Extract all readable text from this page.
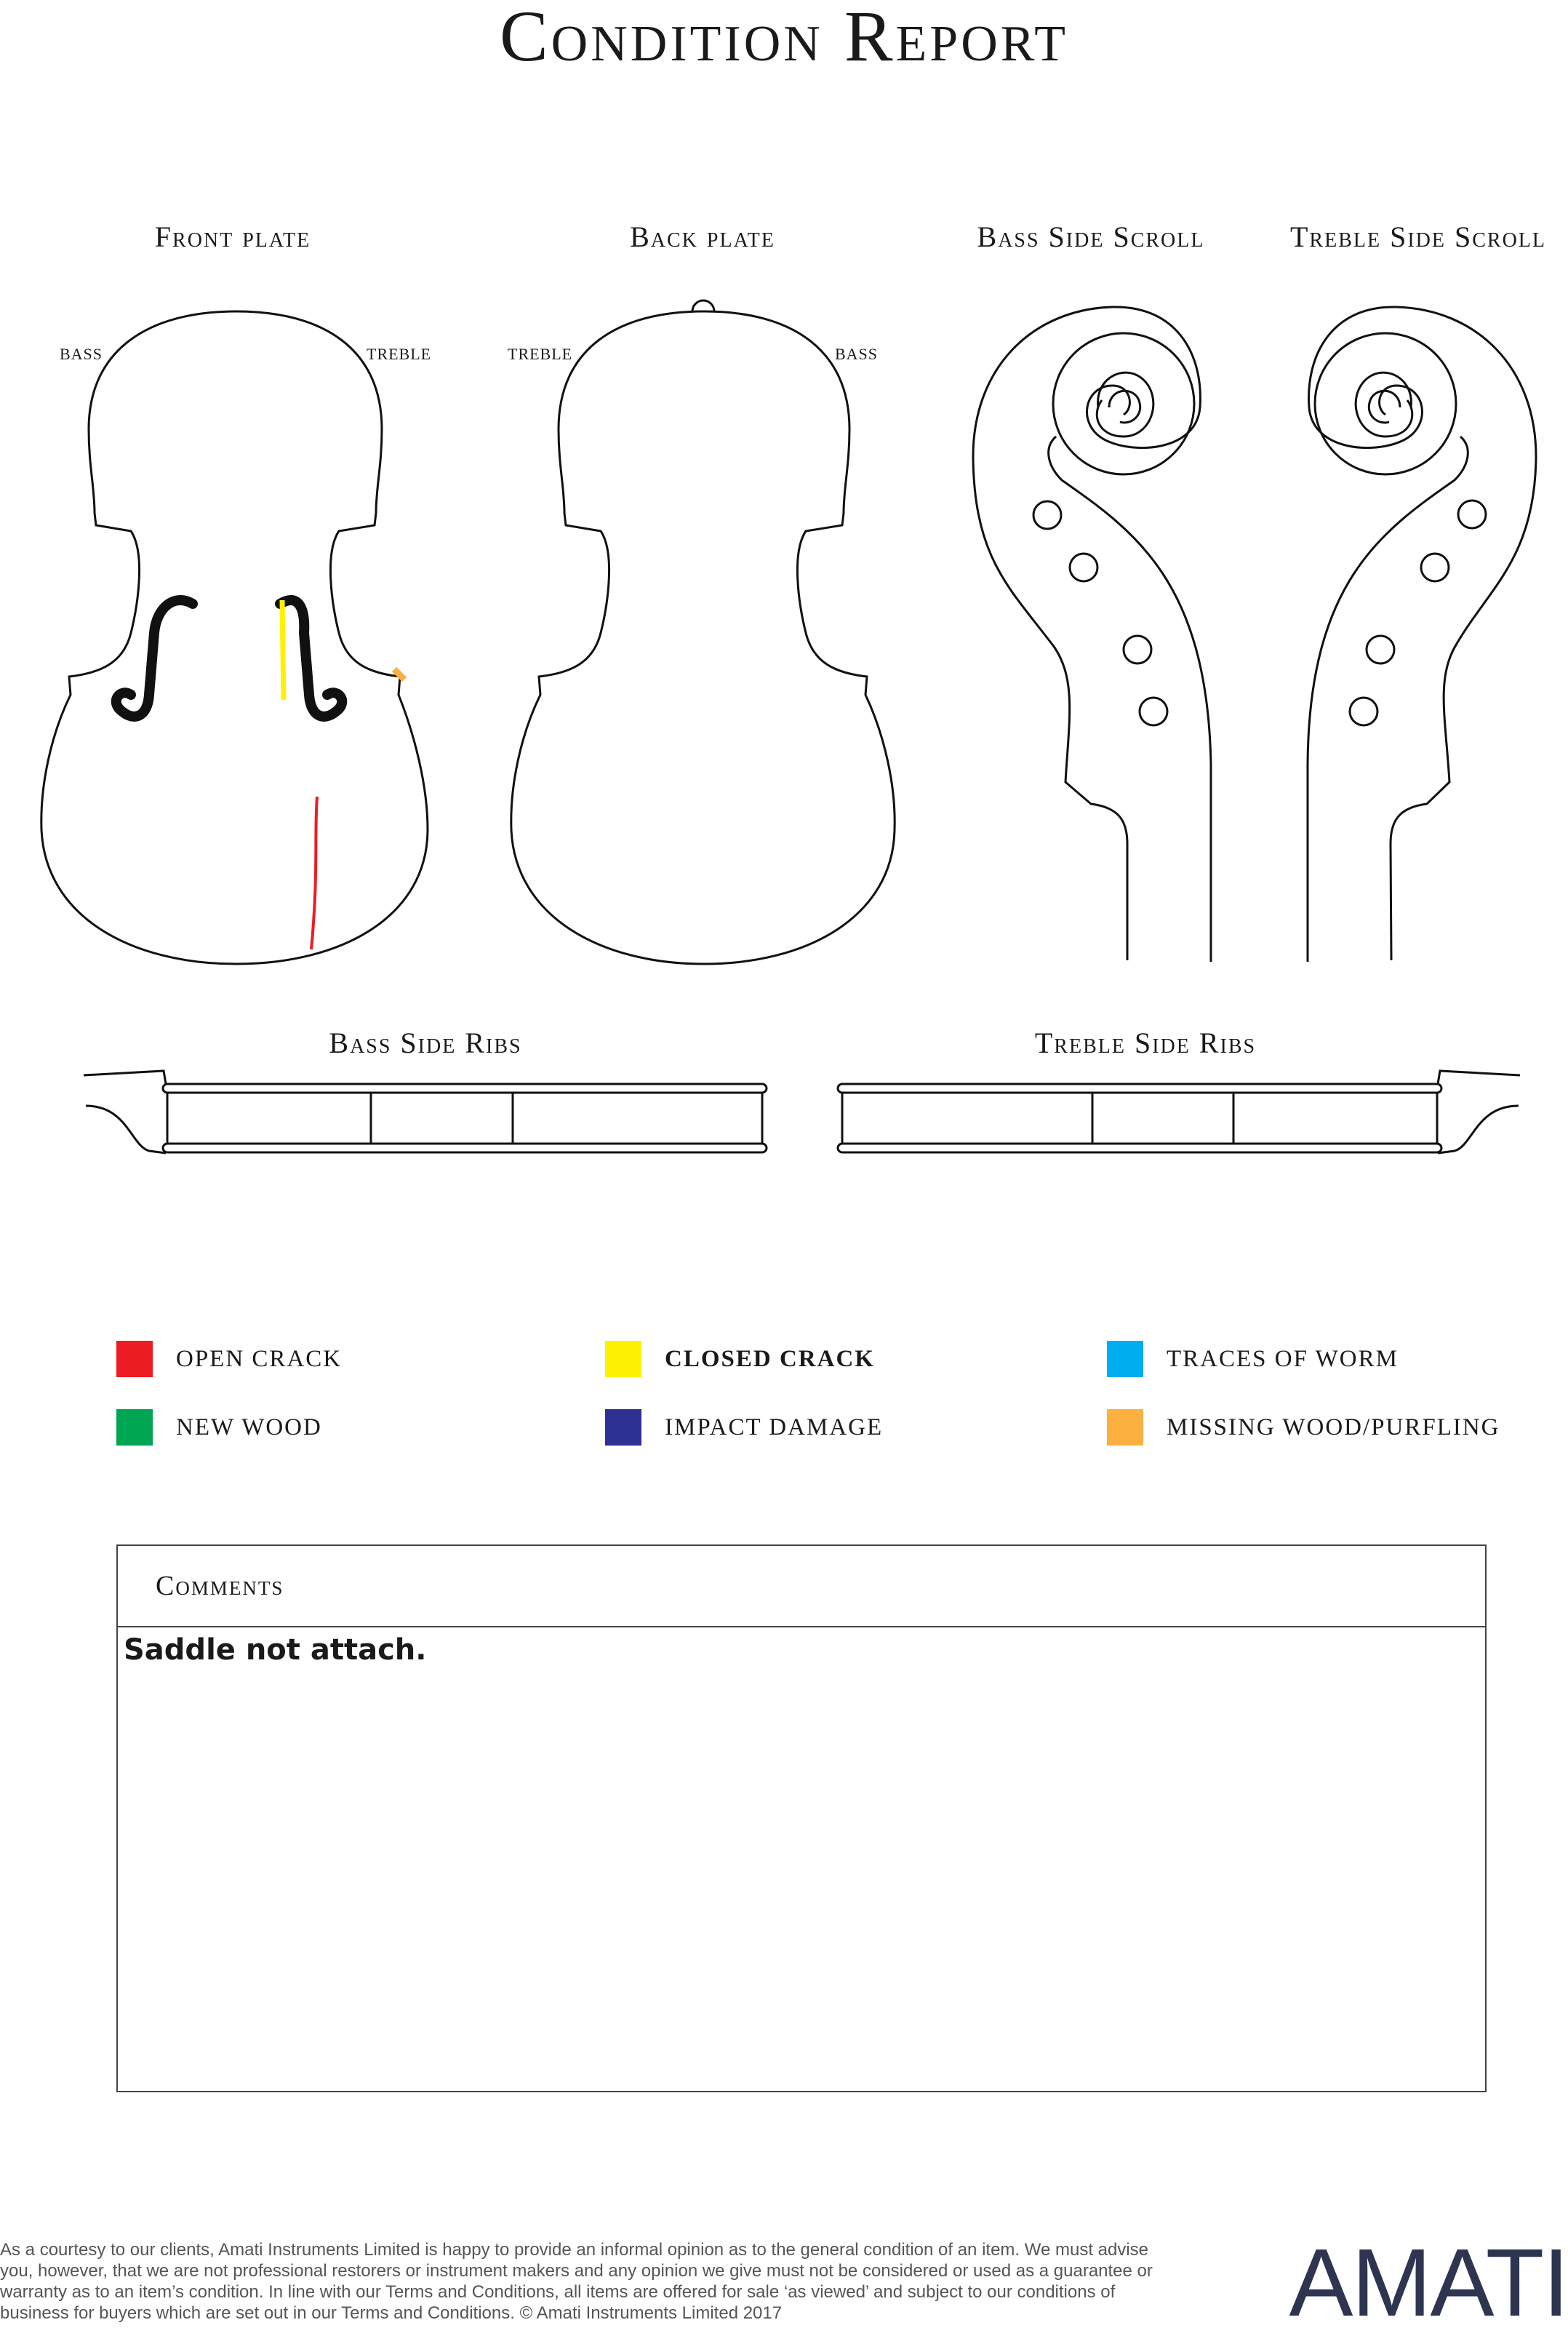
Condition Report
Front plate	Back plate	Bass Side Scroll	Treble Side Scroll
BASS	TREBLE	TREBLE	BASS
Bass Side Ribs	Treble Side Ribs
OPEN CRACK	CLOSED CRACK	TRACES OF WORM
NEW WOOD	IMPACT DAMAGE	MISSING WOOD/PURFLING
Comments
Saddle not attach.
As a courtesy to our clients, Amati Instruments Limited is happy to provide an informal opinion as to the general condition of an item. We must advise you, however, that we are not professional restorers or instrument makers and any opinion we give must not be considered or used as a guarantee or warranty as to an item’s condition. In line with our Terms and Conditions, all items are offered for sale ‘as viewed’ and subject to our conditions of business for buyers which are set out in our Terms and Conditions. © Amati Instruments Limited 2017	AMATI
